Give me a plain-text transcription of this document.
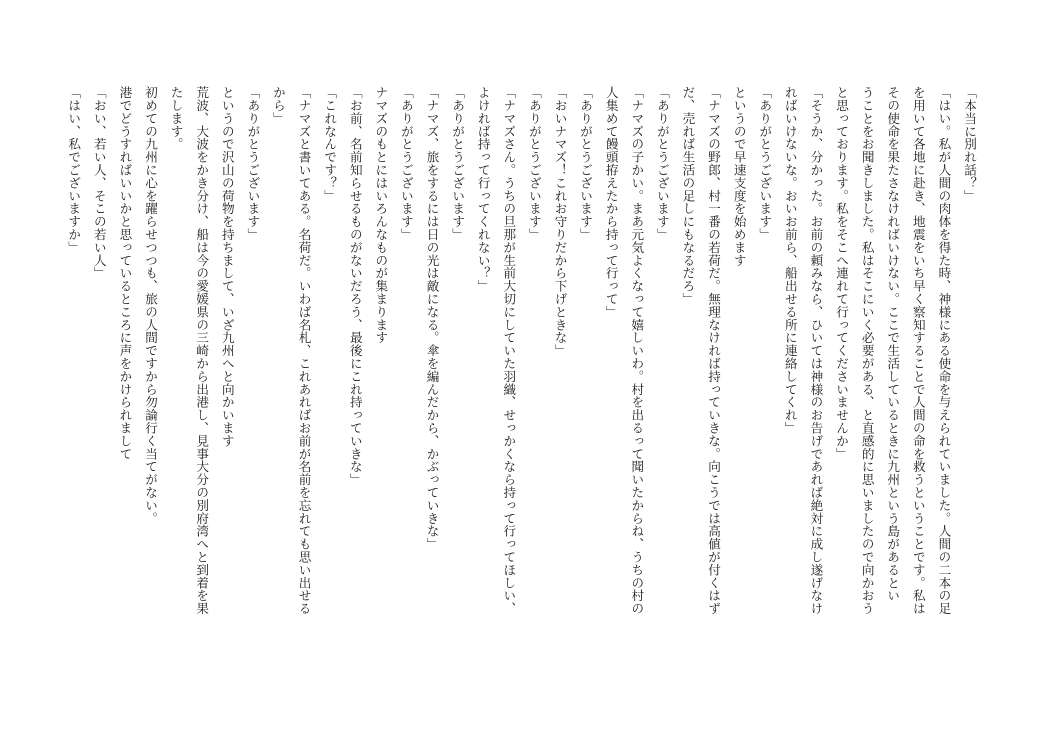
「本当に別れ話？」
「はい。私が人間の肉体を得た時、神様にある使命を与えられていました。人間の二本の足
を用いて各地に赴き、地震をいち早く察知することで人間の命を救うということです。私は
その使命を果たさなければいけない。ここで生活しているときに九州という島があるとい
うことをお聞きしました。私はそこにいく必要がある、と直感的に思いましたので向かおう
と思っております。私をそこへ連れて行ってくださいませんか」
「そうか、分かった。お前の頼みなら、ひいては神様のお告げであれば絶対に成し遂げなけ
ればいけないな。おいお前ら、船出せる所に連絡してくれ」
「ありがとうございます」
というので早速支度を始めます
「ナマズの野郎、村一番の若荷だ。無理なければ持っていきな。向こうでは高値が付くはず
だ、売れば生活の足しにもなるだろ」
「ありがとうございます」
「ナマズの子かい。まあ元気よくなって嬉しいわ。村を出るって聞いたからね、うちの村の
人集めて饅頭拵えたから持って行って」
「ありがとうございます」
「おいナマズ！これお守りだから下げときな」
「ありがとうございます」
「ナマズさん。うちの旦那が生前大切にしていた羽織、せっかくなら持って行ってほしい、
よければ持って行ってくれない？」
「ありがとうございます」
「ナマズ、旅をするには日の光は敵になる。傘を編んだから、かぶっていきな」
「ありがとうございます」
ナマズのもとにはいろんなものが集まります
「お前、名前知らせるものがないだろう、最後にこれ持っていきな」
「これなんです？」
「ナマズと書いてある。名荷だ。いわば名札、これあればお前が名前を忘れても思い出せる
から」
「ありがとうございます」
というので沢山の荷物を持ちまして、いざ九州へと向かいます
荒波、大波をかき分け、船は今の愛媛県の三崎から出港し、見事大分の別府湾へと到着を果
たします。
初めての九州に心を躍らせつつも、旅の人間ですから勿論行く当てがない。
港でどうすればいいかと思っているところに声をかけられまして
「おい、若い人、そこの若い人」
「はい、私でございますか」
